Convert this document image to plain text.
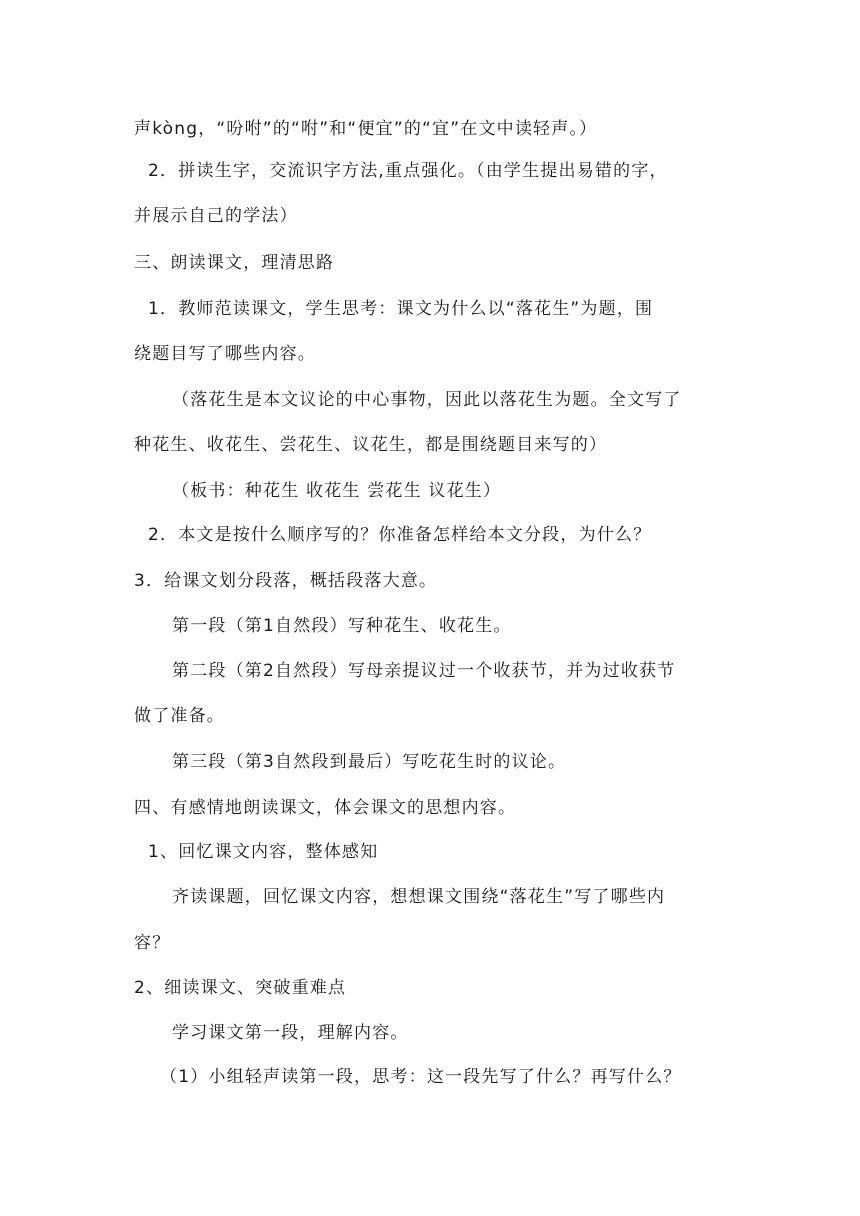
声kòng，“吩咐”的“咐”和“便宜”的“宜”在文中读轻声。）
2．拼读生字，交流识字方法,重点强化。（由学生提出易错的字，
并展示自己的学法）
三、朗读课文，理清思路
1．教师范读课文，学生思考：课文为什么以“落花生”为题，围
绕题目写了哪些内容。
（落花生是本文议论的中心事物，因此以落花生为题。全文写了
种花生、收花生、尝花生、议花生，都是围绕题目来写的）
（板书：种花生 收花生 尝花生 议花生）
2．本文是按什么顺序写的？你准备怎样给本文分段，为什么？
3．给课文划分段落，概括段落大意。
第一段（第1自然段）写种花生、收花生。
第二段（第2自然段）写母亲提议过一个收获节，并为过收获节
做了准备。
第三段（第3自然段到最后）写吃花生时的议论。
四、有感情地朗读课文，体会课文的思想内容。
1、回忆课文内容，整体感知
齐读课题，回忆课文内容，想想课文围绕“落花生”写了哪些内
容？
2、细读课文、突破重难点
学习课文第一段，理解内容。
（1）小组轻声读第一段，思考：这一段先写了什么？再写什么？
